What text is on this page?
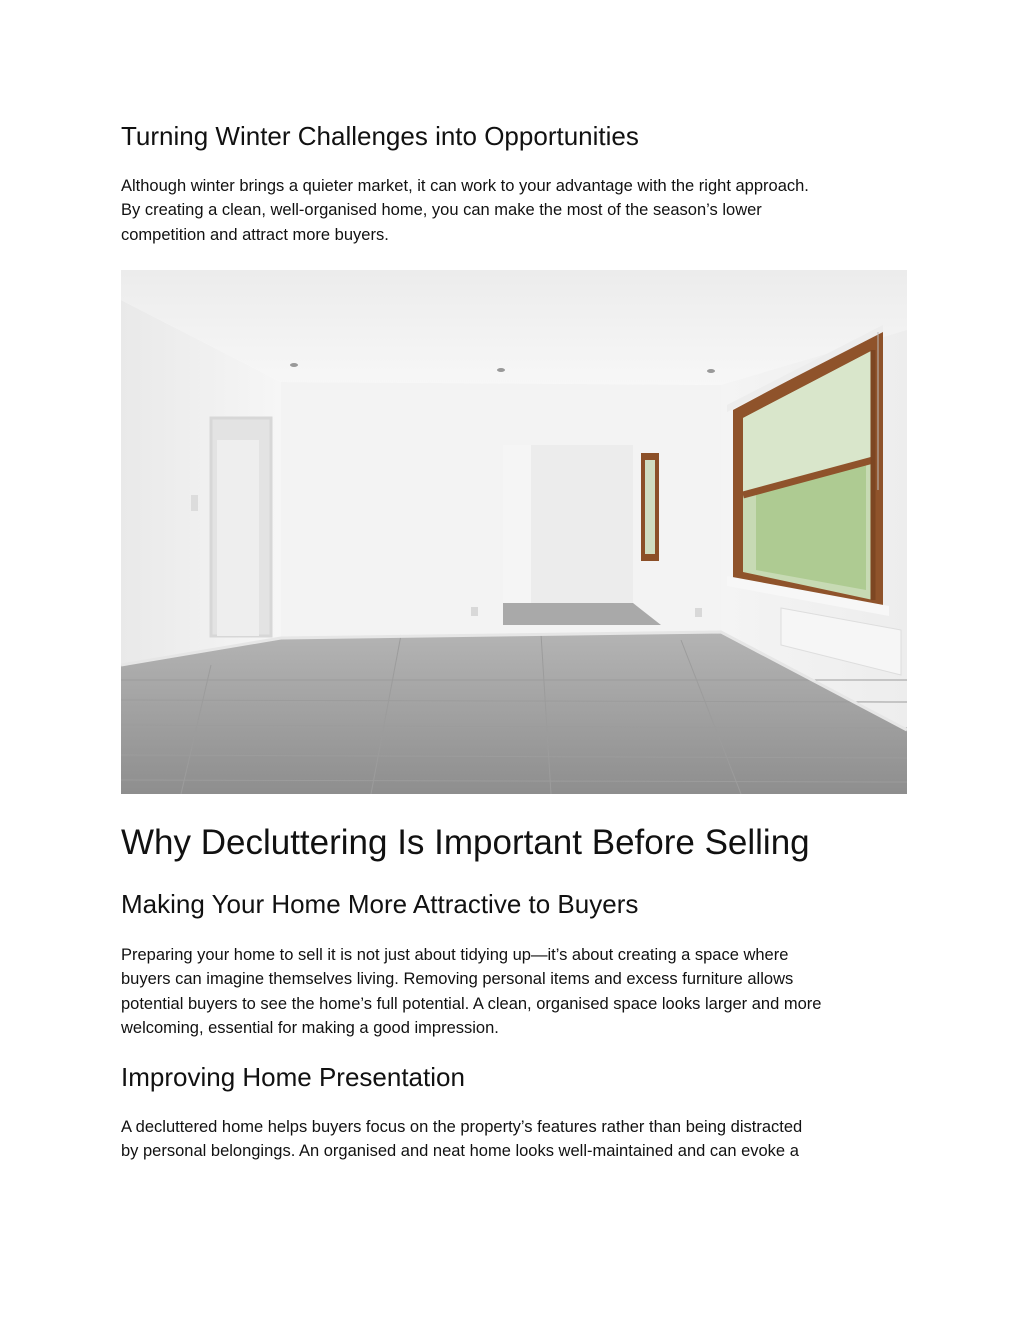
Turning Winter Challenges into Opportunities
Although winter brings a quieter market, it can work to your advantage with the right approach.
By creating a clean, well-organised home, you can make the most of the season’s lower
competition and attract more buyers.
Why Decluttering Is Important Before Selling
Making Your Home More Attractive to Buyers
Preparing your home to sell it is not just about tidying up—it’s about creating a space where
buyers can imagine themselves living. Removing personal items and excess furniture allows
potential buyers to see the home’s full potential. A clean, organised space looks larger and more
welcoming, essential for making a good impression.
Improving Home Presentation
A decluttered home helps buyers focus on the property’s features rather than being distracted
by personal belongings. An organised and neat home looks well-maintained and can evoke a
